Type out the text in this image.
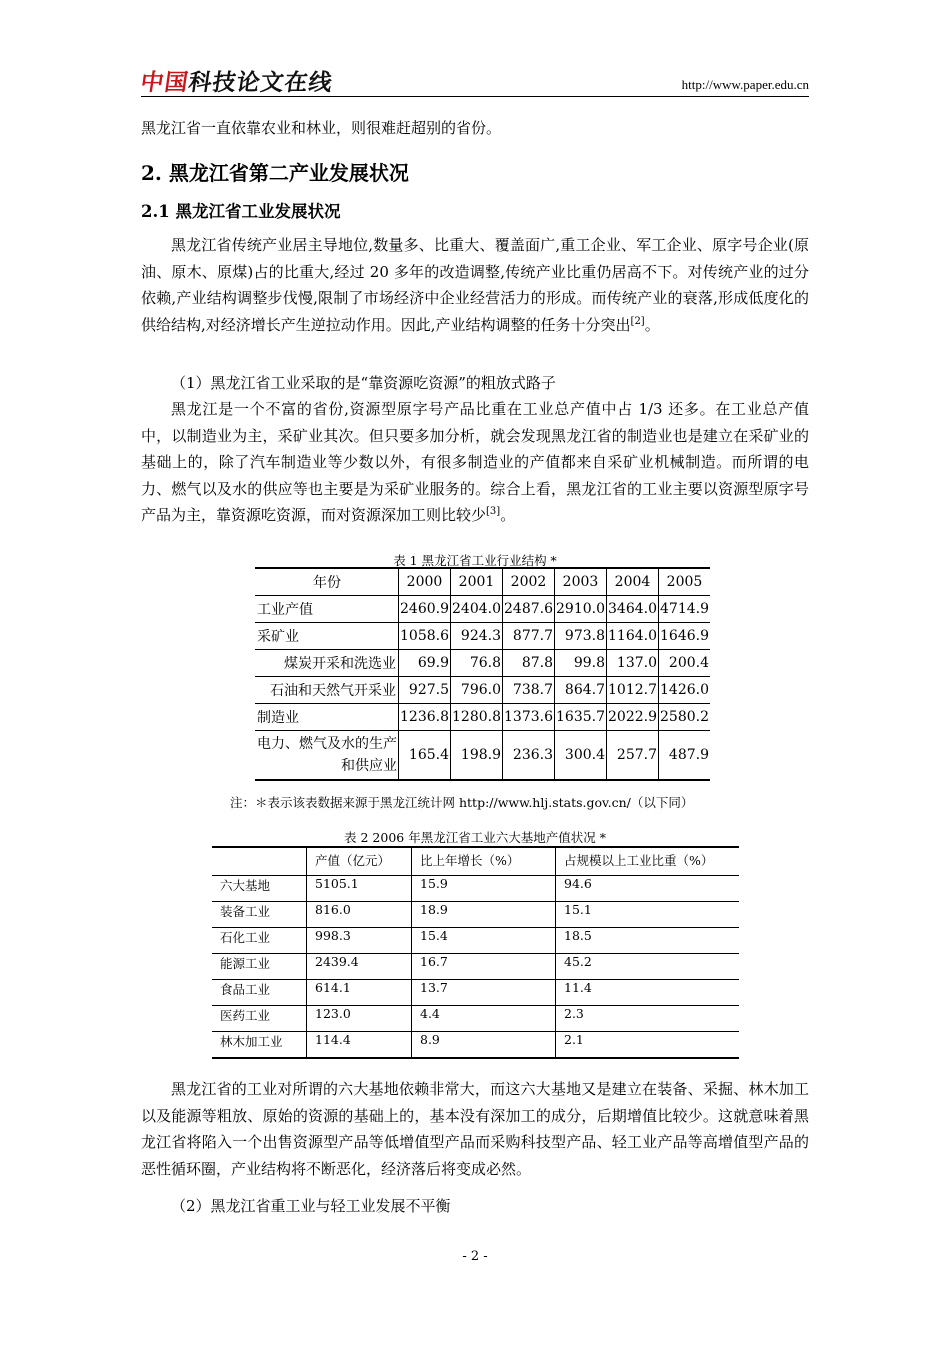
中国科技论文在线	http://www.paper.edu.cn

黑龙江省一直依靠农业和林业，则很难赶超别的省份。

2. 黑龙江省第二产业发展状况
2.1 黑龙江省工业发展状况

黑龙江省传统产业居主导地位,数量多、比重大、覆盖面广,重工企业、军工企业、原字号企业(原油、原木、原煤)占的比重大,经过 20 多年的改造调整,传统产业比重仍居高不下。对传统产业的过分依赖,产业结构调整步伐慢,限制了市场经济中企业经营活力的形成。而传统产业的衰落,形成低度化的供给结构,对经济增长产生逆拉动作用。因此,产业结构调整的任务十分突出[2]。

（1）黑龙江省工业采取的是“靠资源吃资源”的粗放式路子

黑龙江是一个不富的省份,资源型原字号产品比重在工业总产值中占 1/3 还多。在工业总产值中，以制造业为主，采矿业其次。但只要多加分析，就会发现黑龙江省的制造业也是建立在采矿业的基础上的，除了汽车制造业等少数以外，有很多制造业的产值都来自采矿业机械制造。而所谓的电力、燃气以及水的供应等也主要是为采矿业服务的。综合上看，黑龙江省的工业主要以资源型原字号产品为主，靠资源吃资源，而对资源深加工则比较少[3]。

表 1 黑龙江省工业行业结构 *
年份	2000	2001	2002	2003	2004	2005
工业产值	2460.9	2404.0	2487.6	2910.0	3464.0	4714.9
采矿业	1058.6	924.3	877.7	973.8	1164.0	1646.9
煤炭开采和洗选业	69.9	76.8	87.8	99.8	137.0	200.4
石油和天然气开采业	927.5	796.0	738.7	864.7	1012.7	1426.0
制造业	1236.8	1280.8	1373.6	1635.7	2022.9	2580.2

电力、燃气及水的生产
和供应业	165.4	198.9	236.3	300.4	257.7	487.9
注：＊表示该表数据来源于黑龙江统计网 http://www.hlj.stats.gov.cn/（以下同）
表 2 2006 年黑龙江省工业六大基地产值状况 *
	产值（亿元）	比上年增长（%）	占规模以上工业比重（%）
六大基地	5105.1	15.9	94.6
装备工业	816.0	18.9	15.1
石化工业	998.3	15.4	18.5
能源工业	2439.4	16.7	45.2
食品工业	614.1	13.7	11.4
医药工业	123.0	4.4	2.3
林木加工业	114.4	8.9	2.1

黑龙江省的工业对所谓的六大基地依赖非常大，而这六大基地又是建立在装备、采掘、林木加工以及能源等粗放、原始的资源的基础上的，基本没有深加工的成分，后期增值比较少。这就意味着黑龙江省将陷入一个出售资源型产品等低增值型产品而采购科技型产品、轻工业产品等高增值型产品的恶性循环圈，产业结构将不断恶化，经济落后将变成必然。

（2）黑龙江省重工业与轻工业发展不平衡
- 2 -
